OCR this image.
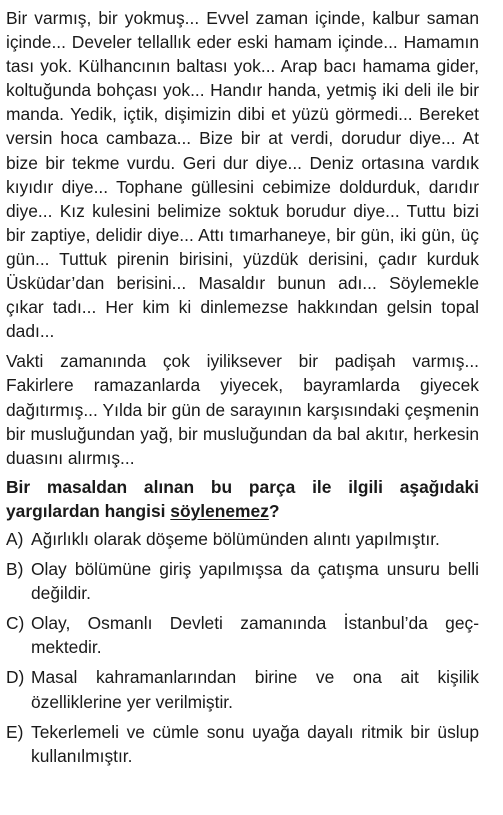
Bir varmış, bir yokmuş... Evvel zaman içinde, kalbur saman içinde... Develer tellallık eder eski hamam içinde... Hamamın tası yok. Külhancının baltası yok... Arap bacı hamama gider, koltuğunda bohçası yok... Handır handa, yetmiş iki deli ile bir manda. Yedik, içtik, dişimizin dibi et yüzü görmedi... Bereket versin hoca cambaza... Bize bir at verdi, dorudur diye... At bize bir tekme vurdu. Geri dur diye... Deniz ortasına vardık kıyıdır diye... Tophane güllesini cebimize doldurduk, darıdır diye... Kız kulesini belimize soktuk borudur diye... Tuttu bizi bir zaptiye, delidir diye... Attı tımarhaneye, bir gün, iki gün, üç gün... Tuttuk pirenin birisini, yüzdük derisini, çadır kurduk Üsküdar’dan berisini... Masaldır bunun adı... Söylemekle çıkar tadı... Her kim ki dinlemezse hakkından gelsin topal dadı...

Vakti zamanında çok iyiliksever bir padişah varmış... Fakirlere ramazanlarda yiyecek, bayramlarda giyecek dağıtırmış... Yılda bir gün de sarayının karşısındaki çeşmenin bir musluğundan yağ, bir musluğundan da bal akıtır, herkesin duasını alırmış...

Bir masaldan alınan bu parça ile ilgili aşağıdaki yargılardan hangisi söylenemez?

A) Ağırlıklı olarak döşeme bölümünden alıntı yapılmıştır.
B) Olay bölümüne giriş yapılmışsa da çatışma unsuru belli değildir.
C) Olay, Osmanlı Devleti zamanında İstanbul’da geçmektedir.
D) Masal kahramanlarından birine ve ona ait kişilik özelliklerine yer verilmiştir.
E) Tekerlemeli ve cümle sonu uyağa dayalı ritmik bir üslup kullanılmıştır.
